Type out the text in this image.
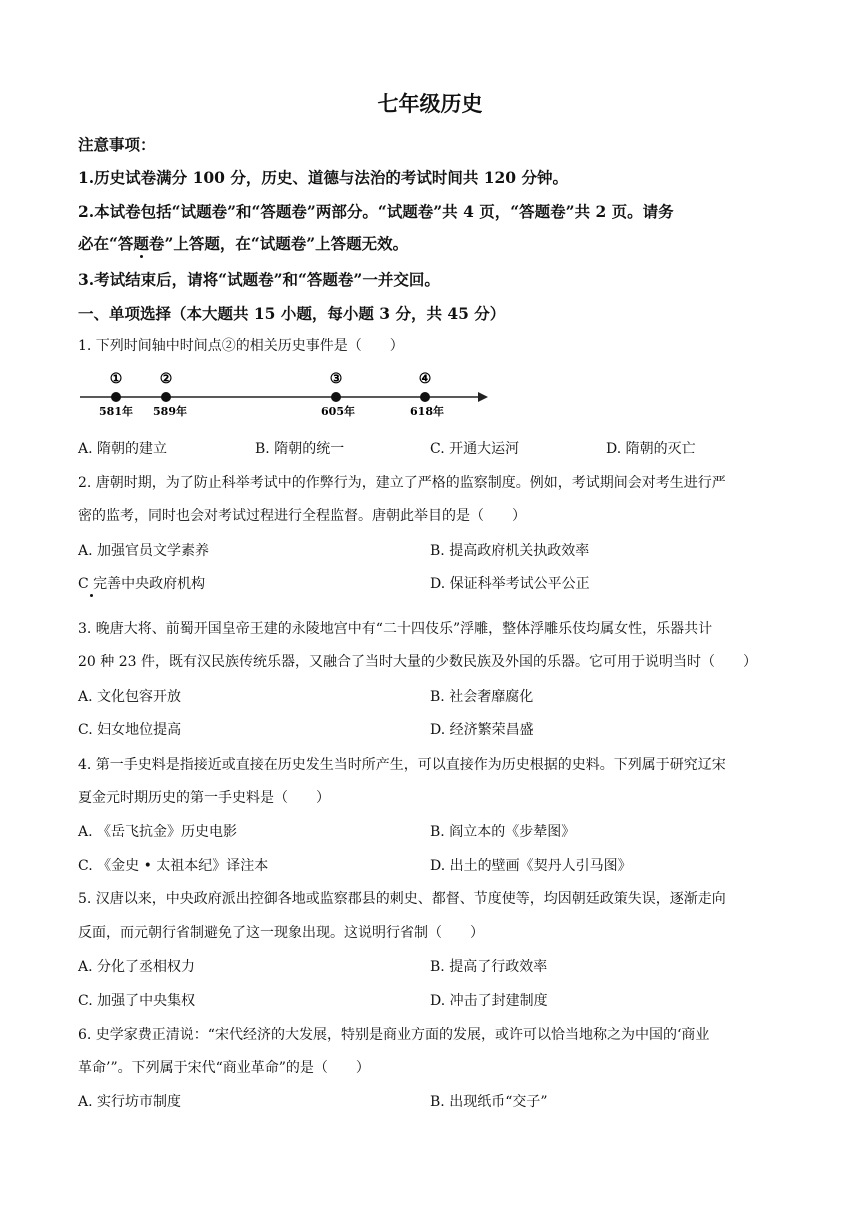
七年级历史
注意事项：
1.历史试卷满分 100 分，历史、道德与法治的考试时间共 120 分钟。
2.本试卷包括“试题卷”和“答题卷”两部分。“试题卷”共 4 页，“答题卷”共 2 页。请务
必在“答题卷”上答题，在“试题卷”上答题无效。
3.考试结束后，请将“试题卷”和“答题卷”一并交回。
一、单项选择（本大题共 15 小题，每小题 3 分，共 45 分）
1. 下列时间轴中时间点②的相关历史事件是（　　）
①
581年
②
589年
③
605年
④
618年
A. 隋朝的建立	B. 隋朝的统一	C. 开通大运河	D. 隋朝的灭亡
2. 唐朝时期，为了防止科举考试中的作弊行为，建立了严格的监察制度。例如，考试期间会对考生进行严
密的监考，同时也会对考试过程进行全程监督。唐朝此举目的是（　　）
A. 加强官员文学素养	B. 提高政府机关执政效率
C 完善中央政府机构	D. 保证科举考试公平公正
3. 晚唐大将、前蜀开国皇帝王建的永陵地宫中有“二十四伎乐”浮雕，整体浮雕乐伎均属女性，乐器共计
20 种 23 件，既有汉民族传统乐器，又融合了当时大量的少数民族及外国的乐器。它可用于说明当时（　　）
A. 文化包容开放	B. 社会奢靡腐化
C. 妇女地位提高	D. 经济繁荣昌盛
4. 第一手史料是指接近或直接在历史发生当时所产生，可以直接作为历史根据的史料。下列属于研究辽宋
夏金元时期历史的第一手史料是（　　）
A. 《岳飞抗金》历史电影	B. 阎立本的《步辇图》
C. 《金史 • 太祖本纪》译注本	D. 出土的壁画《契丹人引马图》
5. 汉唐以来，中央政府派出控御各地或监察郡县的刺史、都督、节度使等，均因朝廷政策失误，逐渐走向
反面，而元朝行省制避免了这一现象出现。这说明行省制（　　）
A. 分化了丞相权力	B. 提高了行政效率
C. 加强了中央集权	D. 冲击了封建制度
6. 史学家费正清说：“宋代经济的大发展，特别是商业方面的发展，或许可以恰当地称之为中国的‘商业
革命’”。下列属于宋代“商业革命”的是（　　）
A. 实行坊市制度	B. 出现纸币“交子”
